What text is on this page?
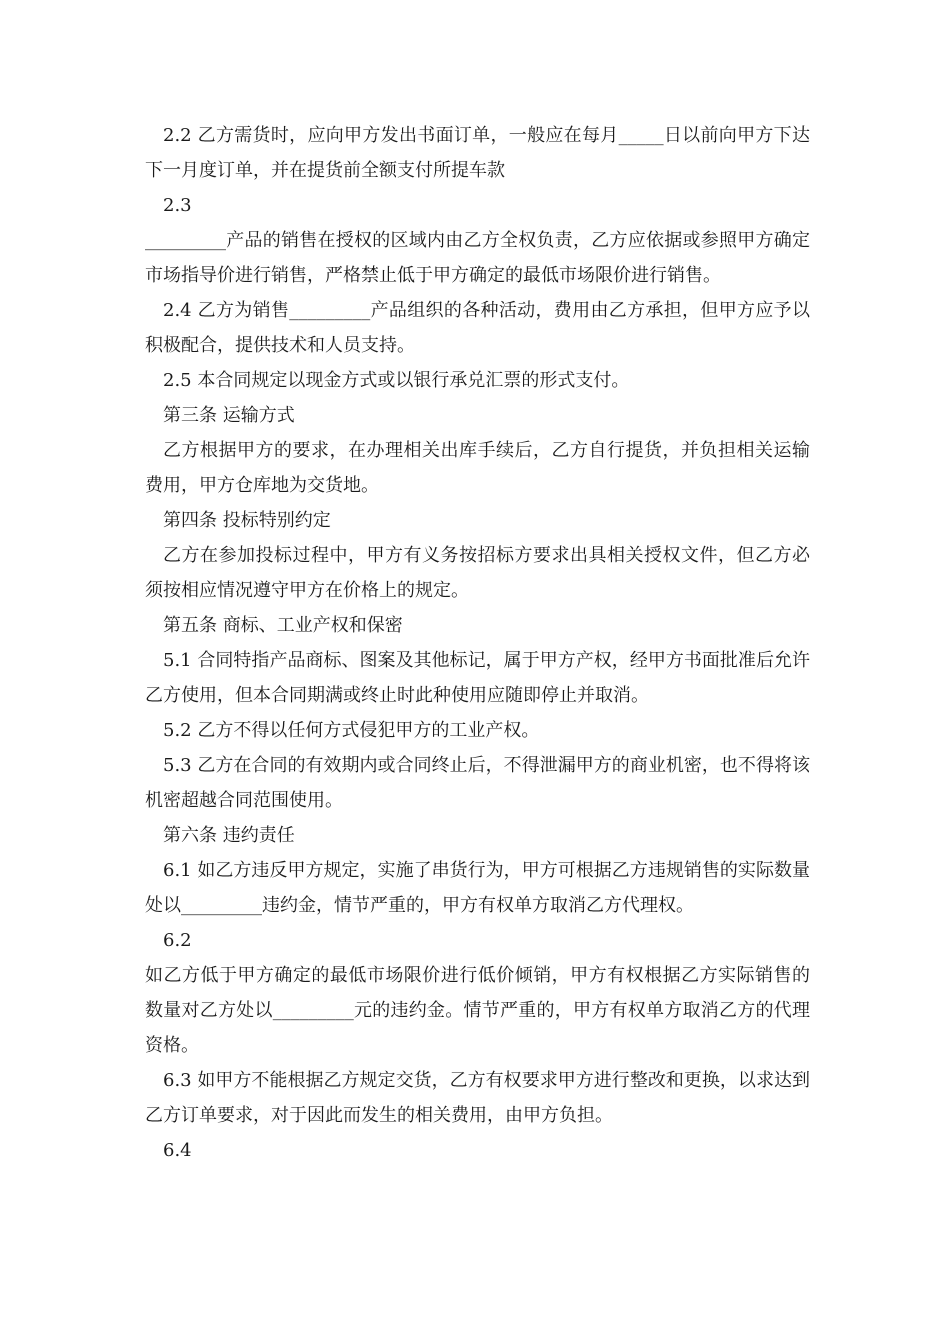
2.2 乙方需货时，应向甲方发出书面订单，一般应在每月_____日以前向甲方下达下一月度订单，并在提货前全额支付所提车款

2.3

_________产品的销售在授权的区域内由乙方全权负责，乙方应依据或参照甲方确定市场指导价进行销售，严格禁止低于甲方确定的最低市场限价进行销售。

2.4 乙方为销售_________产品组织的各种活动，费用由乙方承担，但甲方应予以积极配合，提供技术和人员支持。

2.5 本合同规定以现金方式或以银行承兑汇票的形式支付。

第三条 运输方式

乙方根据甲方的要求，在办理相关出库手续后，乙方自行提货，并负担相关运输费用，甲方仓库地为交货地。

第四条 投标特别约定

乙方在参加投标过程中，甲方有义务按招标方要求出具相关授权文件，但乙方必须按相应情况遵守甲方在价格上的规定。

第五条 商标、工业产权和保密

5.1 合同特指产品商标、图案及其他标记，属于甲方产权，经甲方书面批准后允许乙方使用，但本合同期满或终止时此种使用应随即停止并取消。

5.2 乙方不得以任何方式侵犯甲方的工业产权。

5.3 乙方在合同的有效期内或合同终止后，不得泄漏甲方的商业机密，也不得将该机密超越合同范围使用。

第六条 违约责任

6.1 如乙方违反甲方规定，实施了串货行为，甲方可根据乙方违规销售的实际数量处以_________违约金，情节严重的，甲方有权单方取消乙方代理权。

6.2

如乙方低于甲方确定的最低市场限价进行低价倾销，甲方有权根据乙方实际销售的数量对乙方处以_________元的违约金。情节严重的，甲方有权单方取消乙方的代理资格。

6.3 如甲方不能根据乙方规定交货，乙方有权要求甲方进行整改和更换，以求达到乙方订单要求，对于因此而发生的相关费用，由甲方负担。

6.4
